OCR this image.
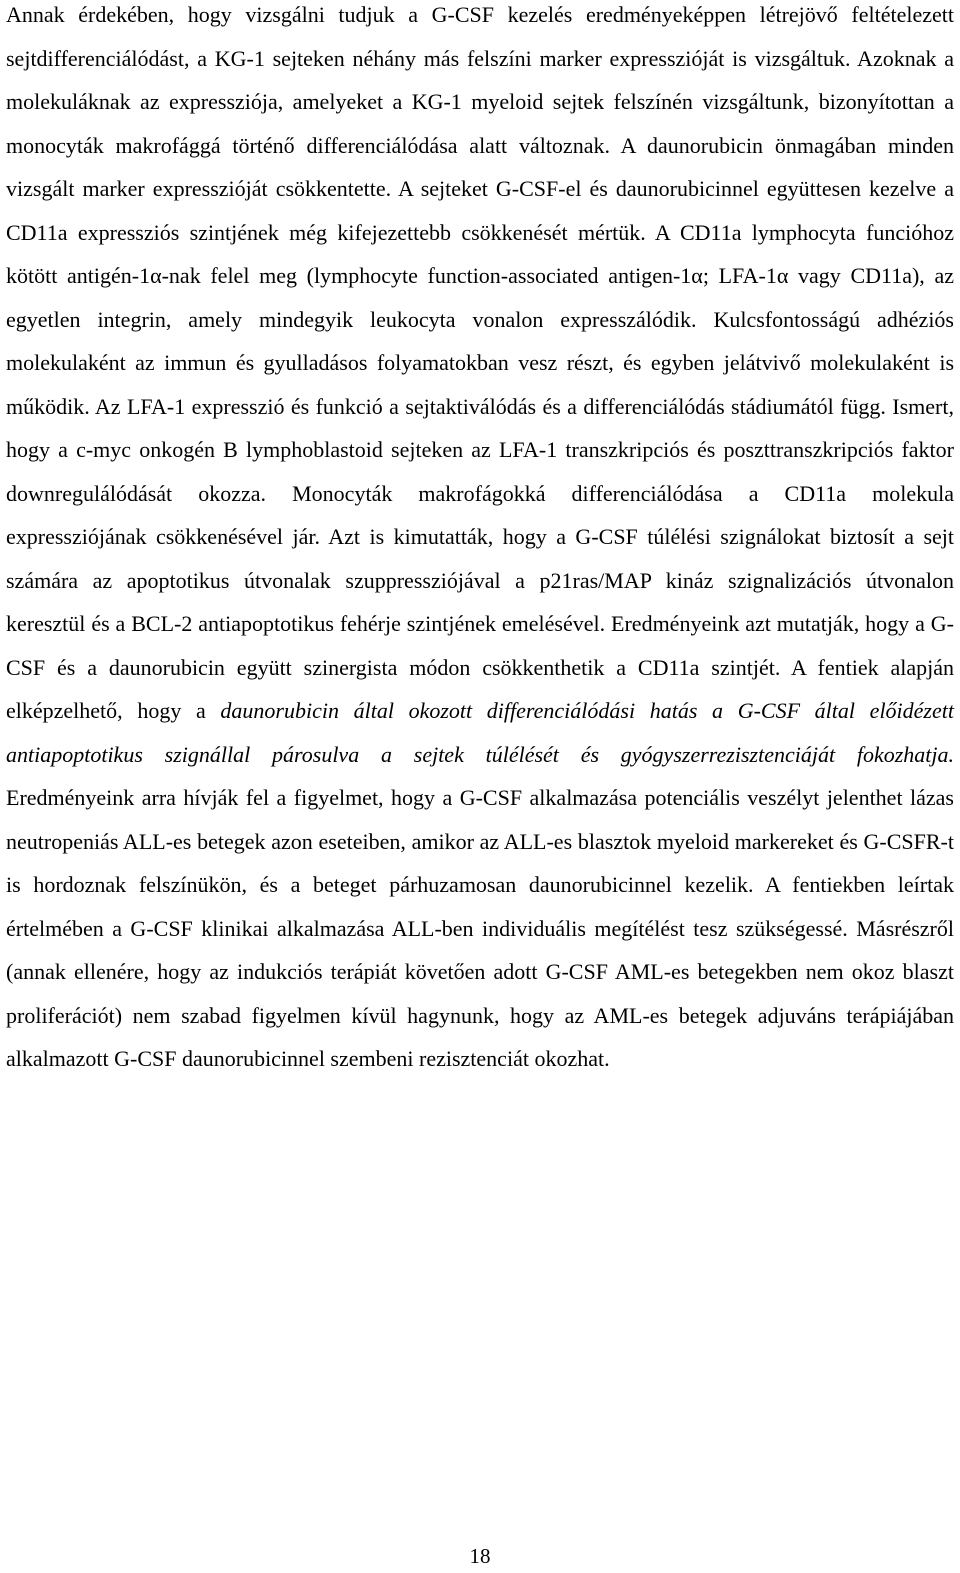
Annak érdekében, hogy vizsgálni tudjuk a G-CSF kezelés eredményeképpen létrejövő feltételezett sejtdifferenciálódást, a KG-1 sejteken néhány más felszíni marker expresszióját is vizsgáltuk. Azoknak a molekuláknak az expressziója, amelyeket a KG-1 myeloid sejtek felszínén vizsgáltunk, bizonyítottan a monocyták makrofággá történő differenciálódása alatt változnak. A daunorubicin önmagában minden vizsgált marker expresszióját csökkentette. A sejteket G-CSF-el és daunorubicinnel együttesen kezelve a CD11a expressziós szintjének még kifejezettebb csökkenését mértük. A CD11a lymphocyta funcióhoz kötött antigén-1α-nak felel meg (lymphocyte function-associated antigen-1α; LFA-1α vagy CD11a), az egyetlen integrin, amely mindegyik leukocyta vonalon expresszálódik. Kulcsfontosságú adhéziós molekulaként az immun és gyulladásos folyamatokban vesz részt, és egyben jelátvivő molekulaként is működik. Az LFA-1 expresszió és funkció a sejtaktiválódás és a differenciálódás stádiumától függ. Ismert, hogy a c-myc onkogén B lymphoblastoid sejteken az LFA-1 transzkripciós és poszttranszkripciós faktor downregulálódását okozza. Monocyták makrofágokká differenciálódása a CD11a molekula expressziójának csökkenésével jár. Azt is kimutatták, hogy a G-CSF túlélési szignálokat biztosít a sejt számára az apoptotikus útvonalak szuppressziójával a p21ras/MAP kináz szignalizációs útvonalon keresztül és a BCL-2 antiapoptotikus fehérje szintjének emelésével. Eredményeink azt mutatják, hogy a G-CSF és a daunorubicin együtt szinergista módon csökkenthetik a CD11a szintjét. A fentiek alapján elképzelhető, hogy a daunorubicin által okozott differenciálódási hatás a G-CSF által előidézett antiapoptotikus szignállal párosulva a sejtek túlélését és gyógyszerrezisztenciáját fokozhatja. Eredményeink arra hívják fel a figyelmet, hogy a G-CSF alkalmazása potenciális veszélyt jelenthet lázas neutropeniás ALL-es betegek azon eseteiben, amikor az ALL-es blasztok myeloid markereket és G-CSFR-t is hordoznak felszínükön, és a beteget párhuzamosan daunorubicinnel kezelik. A fentiekben leírtak értelmében a G-CSF klinikai alkalmazása ALL-ben individuális megítélést tesz szükségessé. Másrészről (annak ellenére, hogy az indukciós terápiát követően adott G-CSF AML-es betegekben nem okoz blaszt proliferációt) nem szabad figyelmen kívül hagynunk, hogy az AML-es betegek adjuváns terápiájában alkalmazott G-CSF daunorubicinnel szembeni rezisztenciát okozhat.

18
